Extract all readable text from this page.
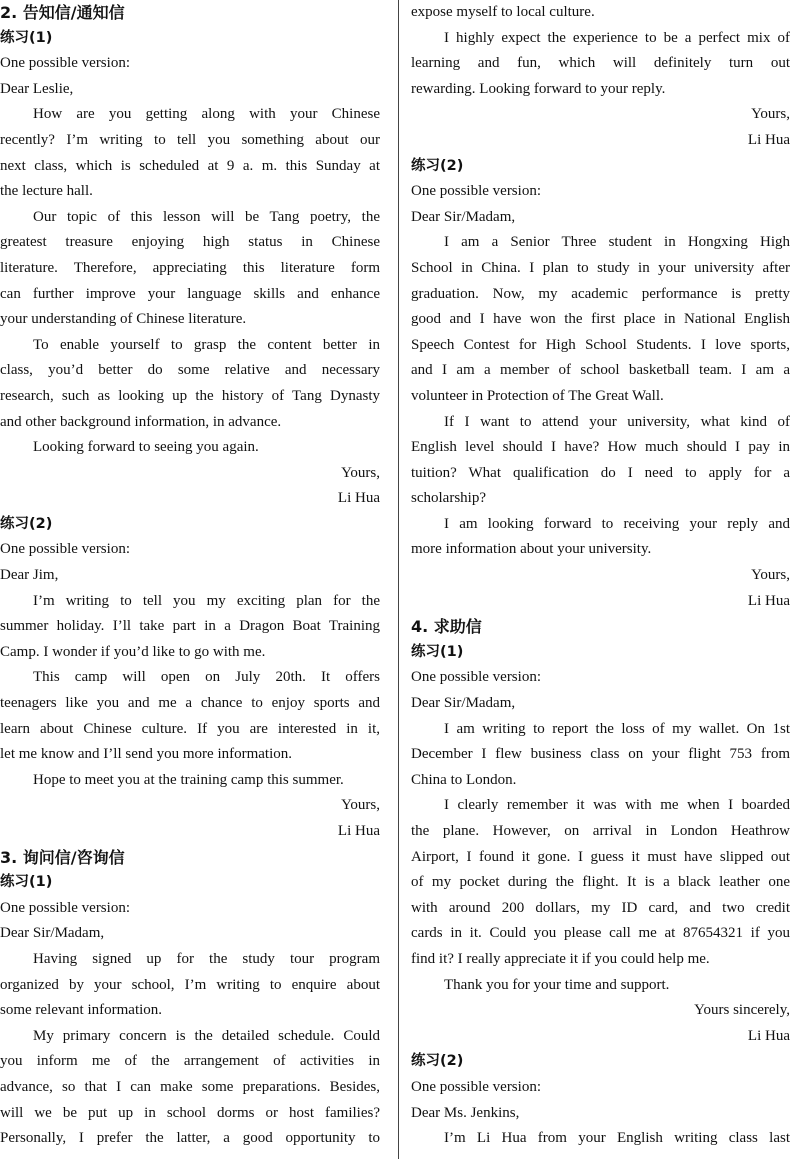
2. 告知信/通知信

练习(1)

One possible version:

Dear Leslie,

How are you getting along with your Chinese

recently? I’m writing to tell you something about our

next class, which is scheduled at 9 a. m. this Sunday at

the lecture hall.

Our topic of this lesson will be Tang poetry, the

greatest treasure enjoying high status in Chinese

literature. Therefore, appreciating this literature form

can further improve your language skills and enhance

your understanding of Chinese literature.

To enable yourself to grasp the content better in

class, you’d better do some relative and necessary

research, such as looking up the history of Tang Dynasty

and other background information, in advance.

Looking forward to seeing you again.

Yours,

Li Hua

练习(2)

One possible version:

Dear Jim,

I’m writing to tell you my exciting plan for the

summer holiday. I’ll take part in a Dragon Boat Training

Camp. I wonder if you’d like to go with me.

This camp will open on July 20th. It offers

teenagers like you and me a chance to enjoy sports and

learn about Chinese culture. If you are interested in it,

let me know and I’ll send you more information.

Hope to meet you at the training camp this summer.

Yours,

Li Hua

3. 询问信/咨询信

练习(1)

One possible version:

Dear Sir/Madam,

Having signed up for the study tour program

organized by your school, I’m writing to enquire about

some relevant information.

My primary concern is the detailed schedule. Could

you inform me of the arrangement of activities in

advance, so that I can make some preparations. Besides,

will we be put up in school dorms or host families?

Personally, I prefer the latter, a good opportunity to

expose myself to local culture.

I highly expect the experience to be a perfect mix of

learning and fun, which will definitely turn out

rewarding. Looking forward to your reply.

Yours,

Li Hua

练习(2)

One possible version:

Dear Sir/Madam,

I am a Senior Three student in Hongxing High

School in China. I plan to study in your university after

graduation. Now, my academic performance is pretty

good and I have won the first place in National English

Speech Contest for High School Students. I love sports,

and I am a member of school basketball team. I am a

volunteer in Protection of The Great Wall.

If I want to attend your university, what kind of

English level should I have? How much should I pay in

tuition? What qualification do I need to apply for a

scholarship?

I am looking forward to receiving your reply and

more information about your university.

Yours,

Li Hua

4. 求助信

练习(1)

One possible version:

Dear Sir/Madam,

I am writing to report the loss of my wallet. On 1st

December I flew business class on your flight 753 from

China to London.

I clearly remember it was with me when I boarded

the plane. However, on arrival in London Heathrow

Airport, I found it gone. I guess it must have slipped out

of my pocket during the flight. It is a black leather one

with around 200 dollars, my ID card, and two credit

cards in it. Could you please call me at 87654321 if you

find it? I really appreciate it if you could help me.

Thank you for your time and support.

Yours sincerely,

Li Hua

练习(2)

One possible version:

Dear Ms. Jenkins,

I’m Li Hua from your English writing class last
